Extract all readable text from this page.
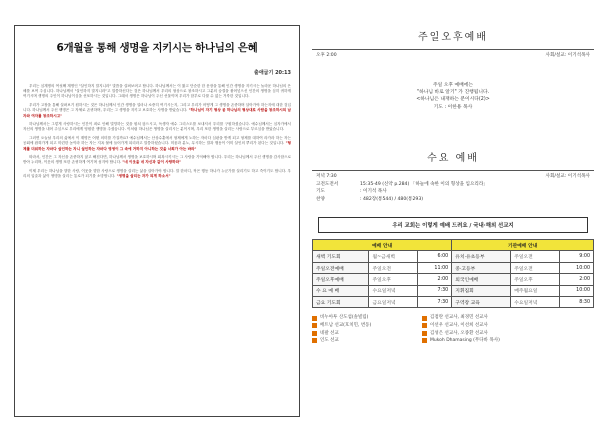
6개월을 통해 생명을 지키시는 하나님의 은혜
출애굽기 20:13

우리는 십계명의 여섯째 계명인 "살인하지 말지니라" 말씀을 살펴보려고 합니다. 하나님께서는 이 짧고 단순한 한 문장을 통해 인간 생명을 지키시는 놀라운 하나님의 은혜를 보여 주십니다. 하나님께서 "살인하지 말지니라"고 말씀하신다는 것은 하나님께서 우리의 형상으로 창조하시고 그분의 숨결을 불어넣으신 인간의 생명을 심히 귀하게 여기시며 생명의 주인이 하나님이심을 선포하시는 것입니다. 그래서 생명은 하나님이 주신 선물이며 우리가 함부로 다룰 수 없는 거룩한 것입니다.

우리가 고장을 통해 살펴보기 원하시는 것은 하나님께서 인간 생명을 얼마나 소중히 여기시는지, 그리고 우리가 어떻게 그 생명을 존중하며 살아가야 하는지에 대한 것입니다. 하나님께서 주신 생명은 그 자체로 존귀하며, 우리는 그 생명을 지키고 보호하는 사명을 받았습니다. "하나님이 자기 형상 곧 하나님의 형상대로 사람을 창조하시되 남자와 여자를 창조하시고"

하나님께서는 그렇게 사랑하시는 인간이 죄로 인해 멸망하는 것을 원치 않으시고, 독생자 예수 그리스도를 보내셔서 우리를 구원하셨습니다. 예수님께서는 십자가에서 자신의 생명을 내어 주심으로 우리에게 영원한 생명을 주셨습니다. 이처럼 하나님은 생명을 살리시는 분이시며, 우리 또한 생명을 살리는 사람으로 부르심을 받았습니다.

그러면 오늘날 우리의 삶에서 이 계명은 어떤 의미를 가질까요? 예수님께서는 산상수훈에서 형제에게 노하는 자마다 심판을 받게 되고 형제를 대하여 라가라 하는 자는 공회에 잡혀가게 되고 미련한 놈이라 하는 자는 지옥 불에 들어가게 되리라고 말씀하셨습니다. 미움과 분노, 무시하는 말과 행동이 이미 살인의 뿌리가 된다는 것입니다. "형제를 미워하는 자마다 살인하는 자니 살인하는 자마다 영생이 그 속에 거하지 아니하는 것을 너희가 아는 바라"

따라서, 인간은 그 자신을 존중하지 않고 해친다면, 하나님께서 생명을 보호하시며 회복시키시는 그 사랑을 기억해야 합니다. 우리는 하나님께서 주신 생명을 감사함으로 받아 누리며, 이웃의 생명 또한 존귀하게 여기며 섬겨야 합니다. "네 이웃을 네 자신과 같이 사랑하라"

이제 우리는 하나님을 향한 사랑, 이웃을 향한 사랑으로 생명을 살리는 삶을 살아가야 합니다. 말 한마디, 작은 행동 하나가 누군가를 살리기도 하고 죽이기도 합니다. 우리의 입술과 삶이 생명을 살리는 통로가 되기를 소망합니다. "생명을 살리는 자가 되게 하소서"

주일오후예배
오후 2:00	사회/설교: 이기석목사
주일 오후 예배에는
"하나님 바로 알기" 가 진행됩니다.
<하나님은 내재하는 분이시다(2)>
기도 : 이한용 목사
수요 예배
저녁 7:30	사회/설교: 이기석목사
고전도전서	15:35-49 (신약 p.284) 「하늘에 속한 이의 형상을 입으리라」
기도	: 이기석 목사
찬양	: 482장(통544) / 480(통293)
우리 교회는 이렇게 예배 드려요 / 국내·해외 선교지
예배 안내			기관예배 안내		
새벽 기도회	월~금새벽	6:00	유치·유초등부	주일오전	9:00
주일오전예배	주일오전	11:00	중·고등부	주일오전	10:00
주일오후예배	주일오후	2:00	외국인예배	주일오후	2:00
수 요 예 배	수요일저녁	7:30	지휘집회	매주월요일	10:00
금요 기도회	금요일저녁	7:30	구역장 교육	수요일저녁	8:30
비누아투 산도섬(솔빌립)	김점란 선교사, 최경민 선교사
베트남 선교(호치민, 번동)	이선우 선교사, 이선희 선교사
네팔 선교	김성은 선교사, 오종환 선교사
인도 선교	Mukoh Dhamasing (무다바 목사)
